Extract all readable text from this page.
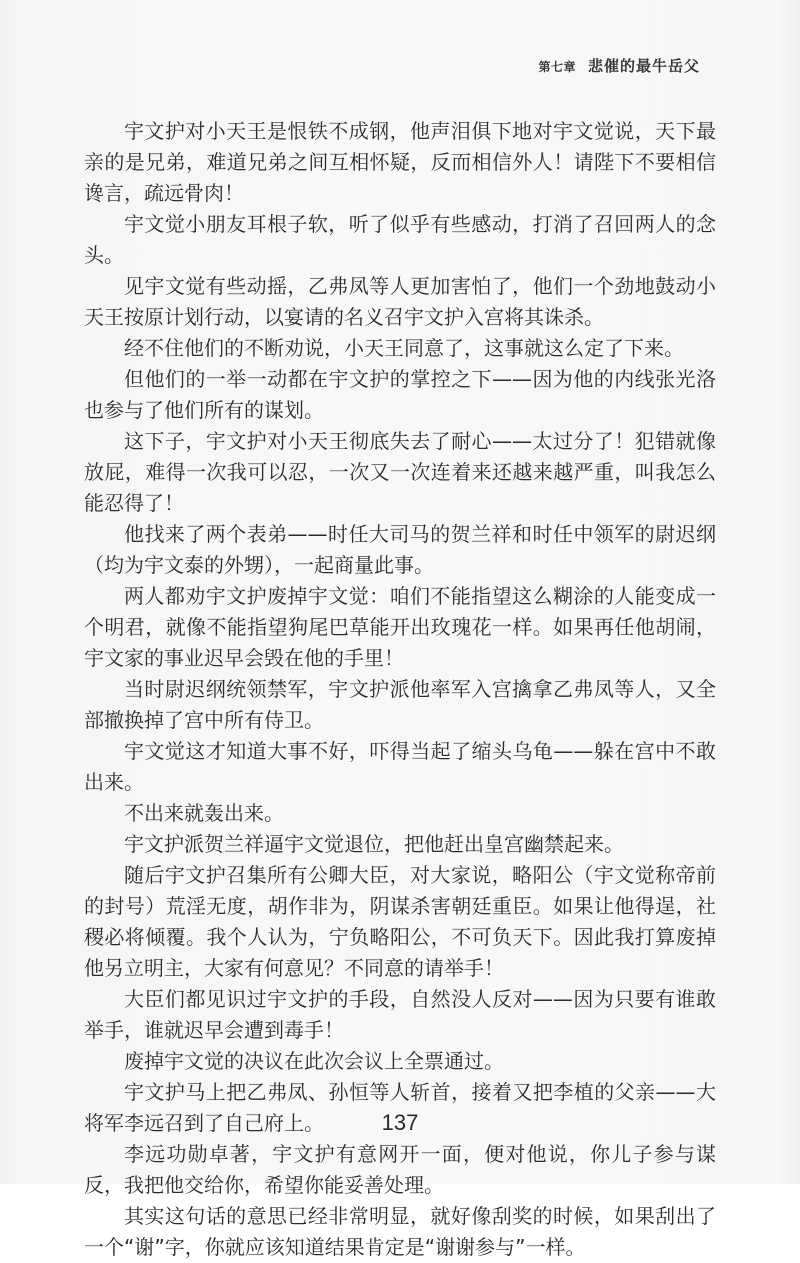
第七章 悲催的最牛岳父

宇文护对小天王是恨铁不成钢，他声泪俱下地对宇文觉说，天下最亲的是兄弟，难道兄弟之间互相怀疑，反而相信外人！请陛下不要相信谗言，疏远骨肉！

宇文觉小朋友耳根子软，听了似乎有些感动，打消了召回两人的念头。

见宇文觉有些动摇，乙弗凤等人更加害怕了，他们一个劲地鼓动小天王按原计划行动，以宴请的名义召宇文护入宫将其诛杀。

经不住他们的不断劝说，小天王同意了，这事就这么定了下来。

但他们的一举一动都在宇文护的掌控之下——因为他的内线张光洛也参与了他们所有的谋划。

这下子，宇文护对小天王彻底失去了耐心——太过分了！犯错就像放屁，难得一次我可以忍，一次又一次连着来还越来越严重，叫我怎么能忍得了！

他找来了两个表弟——时任大司马的贺兰祥和时任中领军的尉迟纲（均为宇文泰的外甥），一起商量此事。

两人都劝宇文护废掉宇文觉：咱们不能指望这么糊涂的人能变成一个明君，就像不能指望狗尾巴草能开出玫瑰花一样。如果再任他胡闹，宇文家的事业迟早会毁在他的手里！

当时尉迟纲统领禁军，宇文护派他率军入宫擒拿乙弗凤等人，又全部撤换掉了宫中所有侍卫。

宇文觉这才知道大事不好，吓得当起了缩头乌龟——躲在宫中不敢出来。

不出来就轰出来。

宇文护派贺兰祥逼宇文觉退位，把他赶出皇宫幽禁起来。

随后宇文护召集所有公卿大臣，对大家说，略阳公（宇文觉称帝前的封号）荒淫无度，胡作非为，阴谋杀害朝廷重臣。如果让他得逞，社稷必将倾覆。我个人认为，宁负略阳公，不可负天下。因此我打算废掉他另立明主，大家有何意见？不同意的请举手！

大臣们都见识过宇文护的手段，自然没人反对——因为只要有谁敢举手，谁就迟早会遭到毒手！

废掉宇文觉的决议在此次会议上全票通过。

宇文护马上把乙弗凤、孙恒等人斩首，接着又把李植的父亲——大将军李远召到了自己府上。

李远功勋卓著，宇文护有意网开一面，便对他说，你儿子参与谋反，我把他交给你，希望你能妥善处理。

其实这句话的意思已经非常明显，就好像刮奖的时候，如果刮出了一个“谢”字，你就应该知道结果肯定是“谢谢参与”一样。

137
